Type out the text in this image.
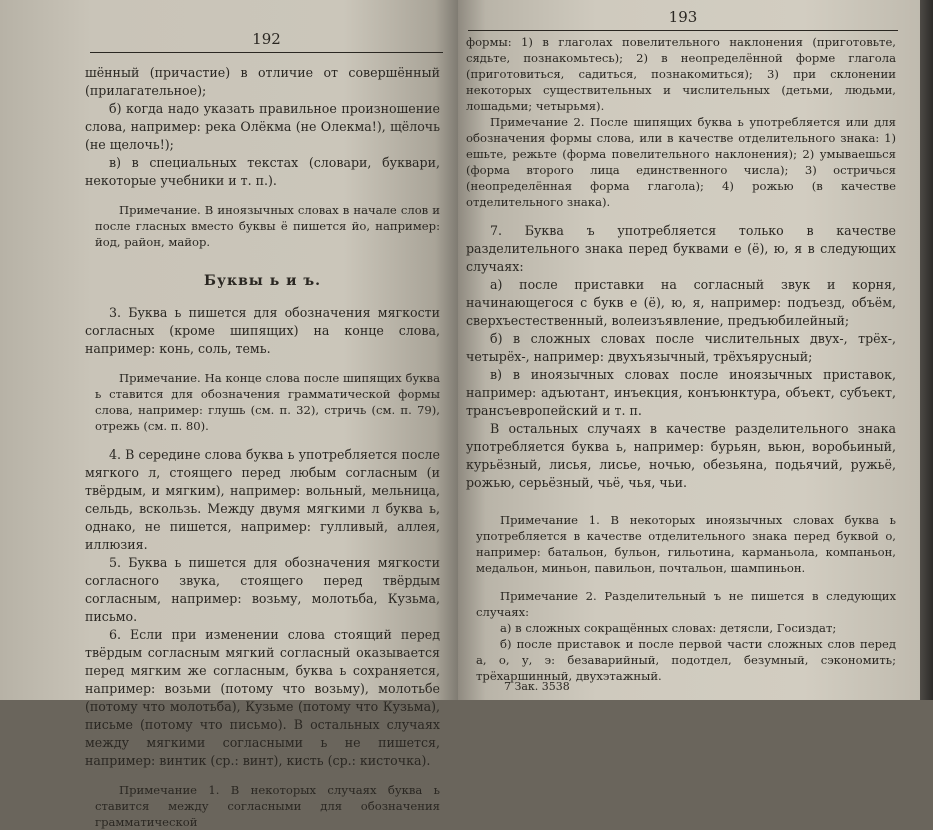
192

шённый (причастие) в отличие от совершённый (прилагательное);

б) когда надо указать правильное произношение слова, например: река Олёкма (не Олекма!), щёлочь (не щелочь!);

в) в специальных текстах (словари, буквари, некоторые учебники и т. п.).

Примечание. В иноязычных словах в начале слов и после гласных вместо буквы ё пишется йо, например: йод, район, майор.

Буквы ь и ъ.

3. Буква ь пишется для обозначения мягкости согласных (кроме шипящих) на конце слова, например: конь, соль, темь.

Примечание. На конце слова после шипящих буква ь ставится для обозначения грамматической формы слова, например: глушь (см. п. 32), стричь (см. п. 79), отрежь (см. п. 80).

4. В середине слова буква ь употребляется после мягкого л, стоящего перед любым согласным (и твёрдым, и мягким), например: вольный, мельница, сельдь, вскользь. Между двумя мягкими л буква ь, однако, не пишется, например: гулливый, аллея, иллюзия.

5. Буква ь пишется для обозначения мягкости согласного звука, стоящего перед твёрдым согласным, например: возьму, молотьба, Кузьма, письмо.

6. Если при изменении слова стоящий перед твёрдым согласным мягкий согласный оказывается перед мягким же согласным, буква ь сохраняется, например: возьми (потому что возьму), молотьбе (потому что молотьба), Кузьме (потому что Кузьма), письме (потому что письмо). В остальных случаях между мягкими согласными ь не пишется, например: винтик (ср.: винт), кисть (ср.: кисточка).

Примечание 1. В некоторых случаях буква ь ставится между согласными для обозначения грамматической

193

формы: 1) в глаголах повелительного наклонения (приготовьте, сядьте, познакомьтесь); 2) в неопределённой форме глагола (приготовиться, садиться, познакомиться); 3) при склонении некоторых существительных и числительных (детьми, людьми, лошадьми; четырьмя).

Примечание 2. После шипящих буква ь употребляется или для обозначения формы слова, или в качестве отделительного знака: 1) ешьте, режьте (форма повелительного наклонения); 2) умываешься (форма второго лица единственного числа); 3) остричься (неопределённая форма глагола); 4) рожью (в качестве отделительного знака).

7. Буква ъ употребляется только в качестве разделительного знака перед буквами е (ё), ю, я в следующих случаях:

а) после приставки на согласный звук и корня, начинающегося с букв е (ё), ю, я, например: подъезд, объём, сверхъестественный, волеизъявление, предъюбилейный;

б) в сложных словах после числительных двух-, трёх-, четырёх-, например: двухъязычный, трёхъярусный;

в) в иноязычных словах после иноязычных приставок, например: адъютант, инъекция, конъюнктура, объект, субъект, трансъевропейский и т. п.

В остальных случаях в качестве разделительного знака употребляется буква ь, например: бурьян, вьюн, воробьиный, курьёзный, лисья, лисье, ночью, обезьяна, подьячий, ружьё, рожью, серьёзный, чьё, чья, чьи.

Примечание 1. В некоторых иноязычных словах буква ь употребляется в качестве отделительного знака перед буквой о, например: батальон, бульон, гильотина, карманьола, компаньон, медальон, миньон, павильон, почтальон, шампиньон.

Примечание 2. Разделительный ъ не пишется в следующих случаях:

а) в сложных сокращённых словах: детясли, Госиздат;

б) после приставок и после первой части сложных слов перед а, о, у, э: безаварийный, подотдел, безумный, сэкономить; трёхаршинный, двухэтажный.

7 Зак. 3538
